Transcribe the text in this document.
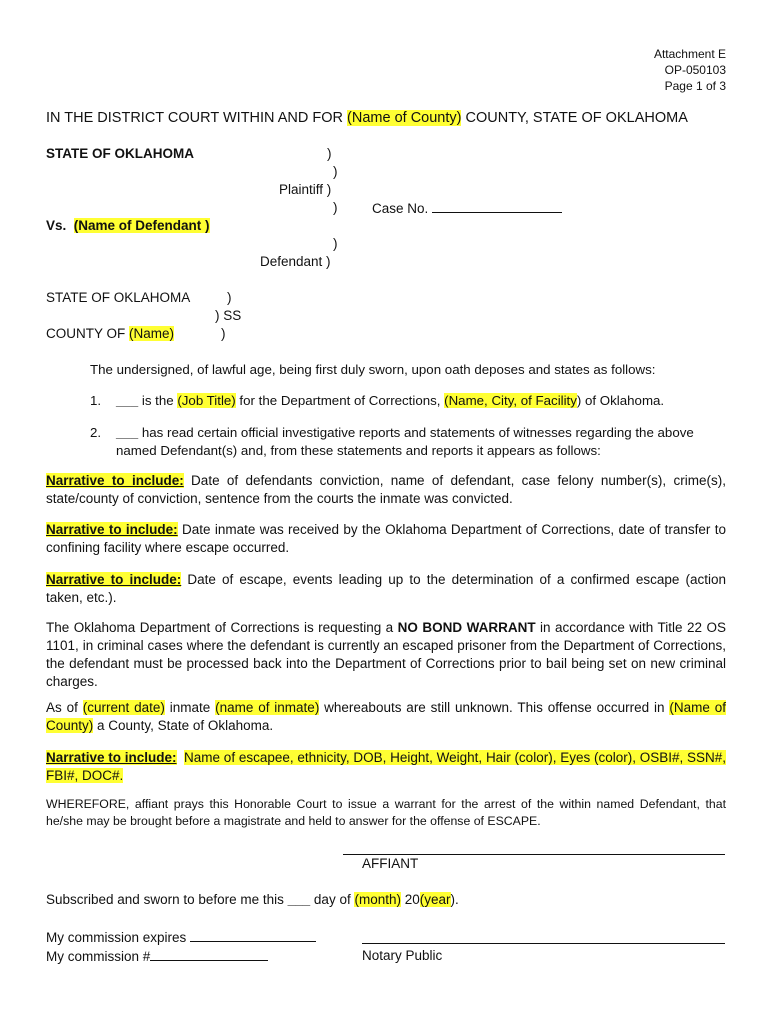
Attachment E
OP-050103
Page 1 of 3
IN THE DISTRICT COURT WITHIN AND FOR (Name of County) COUNTY, STATE OF OKLAHOMA
STATE OF OKLAHOMA	)
)
Plaintiff )
)	Case No.
Vs. (Name of Defendant )
)
Defendant )
STATE OF OKLAHOMA	)
) SS
COUNTY OF (Name)	)
The undersigned, of lawful age, being first duly sworn, upon oath deposes and states as follows:
1. ___ is the (Job Title) for the Department of Corrections, (Name, City, of Facility) of Oklahoma.
2. ___ has read certain official investigative reports and statements of witnesses regarding the above named Defendant(s) and, from these statements and reports it appears as follows:
Narrative to include: Date of defendants conviction, name of defendant, case felony number(s), crime(s), state/county of conviction, sentence from the courts the inmate was convicted.
Narrative to include: Date inmate was received by the Oklahoma Department of Corrections, date of transfer to confining facility where escape occurred.
Narrative to include: Date of escape, events leading up to the determination of a confirmed escape (action taken, etc.).
The Oklahoma Department of Corrections is requesting a NO BOND WARRANT in accordance with Title 22 OS 1101, in criminal cases where the defendant is currently an escaped prisoner from the Department of Corrections, the defendant must be processed back into the Department of Corrections prior to bail being set on new criminal charges.
As of (current date) inmate (name of inmate) whereabouts are still unknown. This offense occurred in (Name of County) a County, State of Oklahoma.
Narrative to include: Name of escapee, ethnicity, DOB, Height, Weight, Hair (color), Eyes (color), OSBI#, SSN#, FBI#, DOC#.
WHEREFORE, affiant prays this Honorable Court to issue a warrant for the arrest of the within named Defendant, that he/she may be brought before a magistrate and held to answer for the offense of ESCAPE.
AFFIANT
Subscribed and sworn to before me this ___ day of (month) 20(year).
My commission expires
My commission #	Notary Public
